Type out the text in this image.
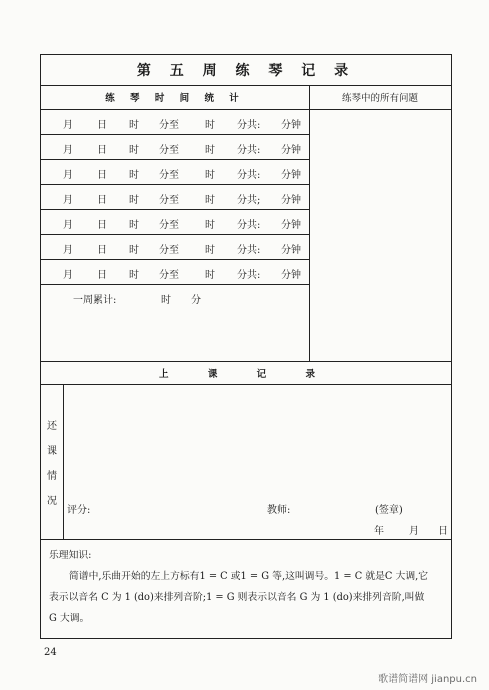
第 五 周 练 琴 记 录
练 琴 时 间 统 计
月 日 时 分至	时 分共: 分钟
月 日 时 分至	时 分共: 分钟
月 日 时 分至	时 分共: 分钟
月 日 时 分至	时 分共; 分钟
月 日 时 分至	时 分共: 分钟
月 日 时 分至	时 分共: 分钟
月 日 时 分至	时 分共: 分钟
一周累计:	时 分
练琴中的所有问题
上 课 记 录
还
课
情
况
评分:	教师:	(签章)
年	月 日

乐理知识:

简谱中,乐曲开始的左上方标有1 = C 或1 = G 等,这叫调号。1 = C 就是C 大调,它

表示以音名 C 为 1 (do)来排列音阶;1 = G 则表示以音名 G 为 1 (do)来排列音阶,叫做

G 大调。

24
歌谱简谱网 jianpu.cn
